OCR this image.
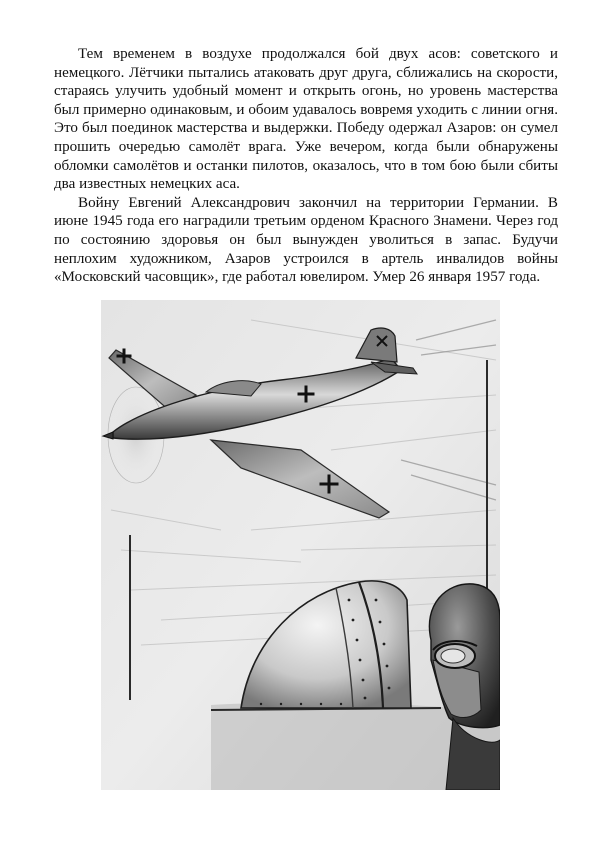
Тем временем в воздухе продолжался бой двух асов: советского и немецкого. Лётчики пытались атаковать друг друга, сближались на скорости, стараясь улучить удобный момент и открыть огонь, но уровень мастерства был примерно одинаковым, и обоим удавалось вовремя уходить с линии огня. Это был поединок мастерства и выдержки. Победу одержал Азаров: он сумел прошить очередью самолёт врага. Уже вечером, когда были обнаружены обломки самолётов и останки пилотов, оказалось, что в том бою были сбиты два известных немецких аса.

Войну Евгений Александрович закончил на территории Германии. В июне 1945 года его наградили третьим орденом Красного Знамени. Через год по состоянию здоровья он был вынужден уволиться в запас. Будучи неплохим художником, Азаров устроился в артель инвалидов войны «Московский часовщик», где работал ювелиром. Умер 26 января 1957 года.
